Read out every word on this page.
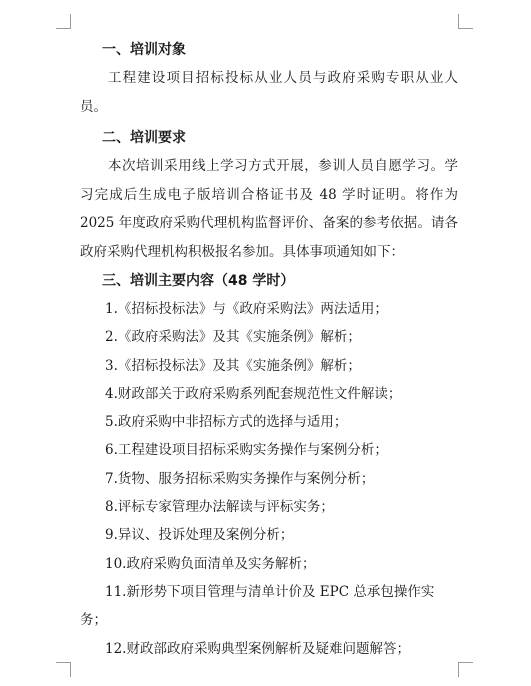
一、培训对象

工程建设项目招标投标从业人员与政府采购专职从业人员。

二、培训要求

本次培训采用线上学习方式开展，参训人员自愿学习。学习完成后生成电子版培训合格证书及 48 学时证明。将作为 2025 年度政府采购代理机构监督评价、备案的参考依据。请各政府采购代理机构积极报名参加。具体事项通知如下：

三、培训主要内容（48 学时）
1.《招标投标法》与《政府采购法》两法适用；
2.《政府采购法》及其《实施条例》解析；
3.《招标投标法》及其《实施条例》解析；
4.财政部关于政府采购系列配套规范性文件解读；
5.政府采购中非招标方式的选择与适用；
6.工程建设项目招标采购实务操作与案例分析；
7.货物、服务招标采购实务操作与案例分析；
8.评标专家管理办法解读与评标实务；
9.异议、投诉处理及案例分析；
10.政府采购负面清单及实务解析；
11.新形势下项目管理与清单计价及 EPC 总承包操作实务；
12.财政部政府采购典型案例解析及疑难问题解答；
